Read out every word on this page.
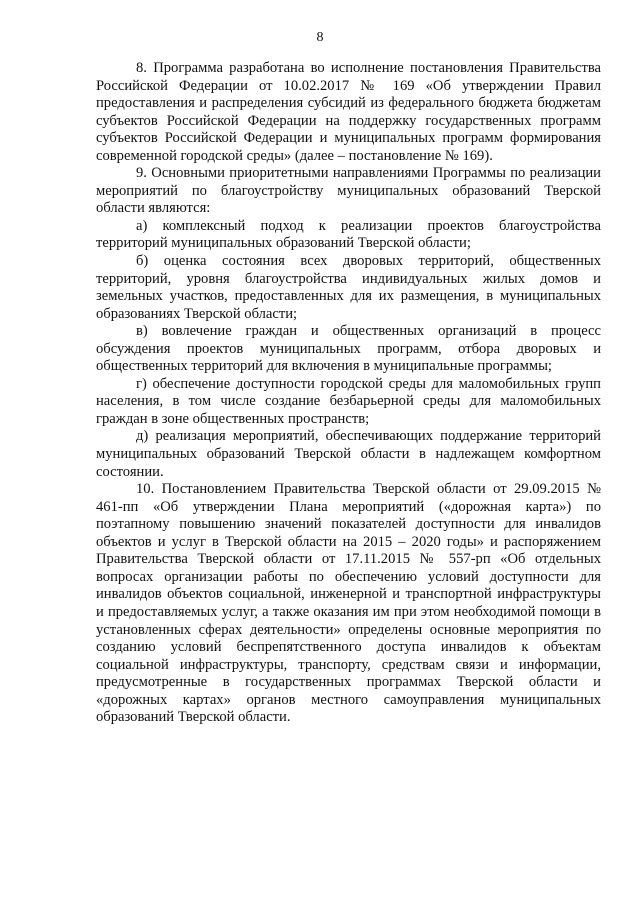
8

8. Программа разработана во исполнение постановления Правительства Российской Федерации от 10.02.2017 № 169 «Об утверждении Правил предоставления и распределения субсидий из федерального бюджета бюджетам субъектов Российской Федерации на поддержку государственных программ субъектов Российской Федерации и муниципальных программ формирования современной городской среды» (далее – постановление № 169).

9. Основными приоритетными направлениями Программы по реализации мероприятий по благоустройству муниципальных образований Тверской области являются:

а) комплексный подход к реализации проектов благоустройства территорий муниципальных образований Тверской области;

б) оценка состояния всех дворовых территорий, общественных территорий, уровня благоустройства индивидуальных жилых домов и земельных участков, предоставленных для их размещения, в муниципальных образованиях Тверской области;

в) вовлечение граждан и общественных организаций в процесс обсуждения проектов муниципальных программ, отбора дворовых и общественных территорий для включения в муниципальные программы;

г) обеспечение доступности городской среды для маломобильных групп населения, в том числе создание безбарьерной среды для маломобильных граждан в зоне общественных пространств;

д) реализация мероприятий, обеспечивающих поддержание территорий муниципальных образований Тверской области в надлежащем комфортном состоянии.

10. Постановлением Правительства Тверской области от 29.09.2015 № 461-пп «Об утверждении Плана мероприятий («дорожная карта») по поэтапному повышению значений показателей доступности для инвалидов объектов и услуг в Тверской области на 2015 – 2020 годы» и распоряжением Правительства Тверской области от 17.11.2015 № 557-рп «Об отдельных вопросах организации работы по обеспечению условий доступности для инвалидов объектов социальной, инженерной и транспортной инфраструктуры и предоставляемых услуг, а также оказания им при этом необходимой помощи в установленных сферах деятельности» определены основные мероприятия по созданию условий беспрепятственного доступа инвалидов к объектам социальной инфраструктуры, транспорту, средствам связи и информации, предусмотренные в государственных программах Тверской области и «дорожных картах» органов местного самоуправления муниципальных образований Тверской области.
